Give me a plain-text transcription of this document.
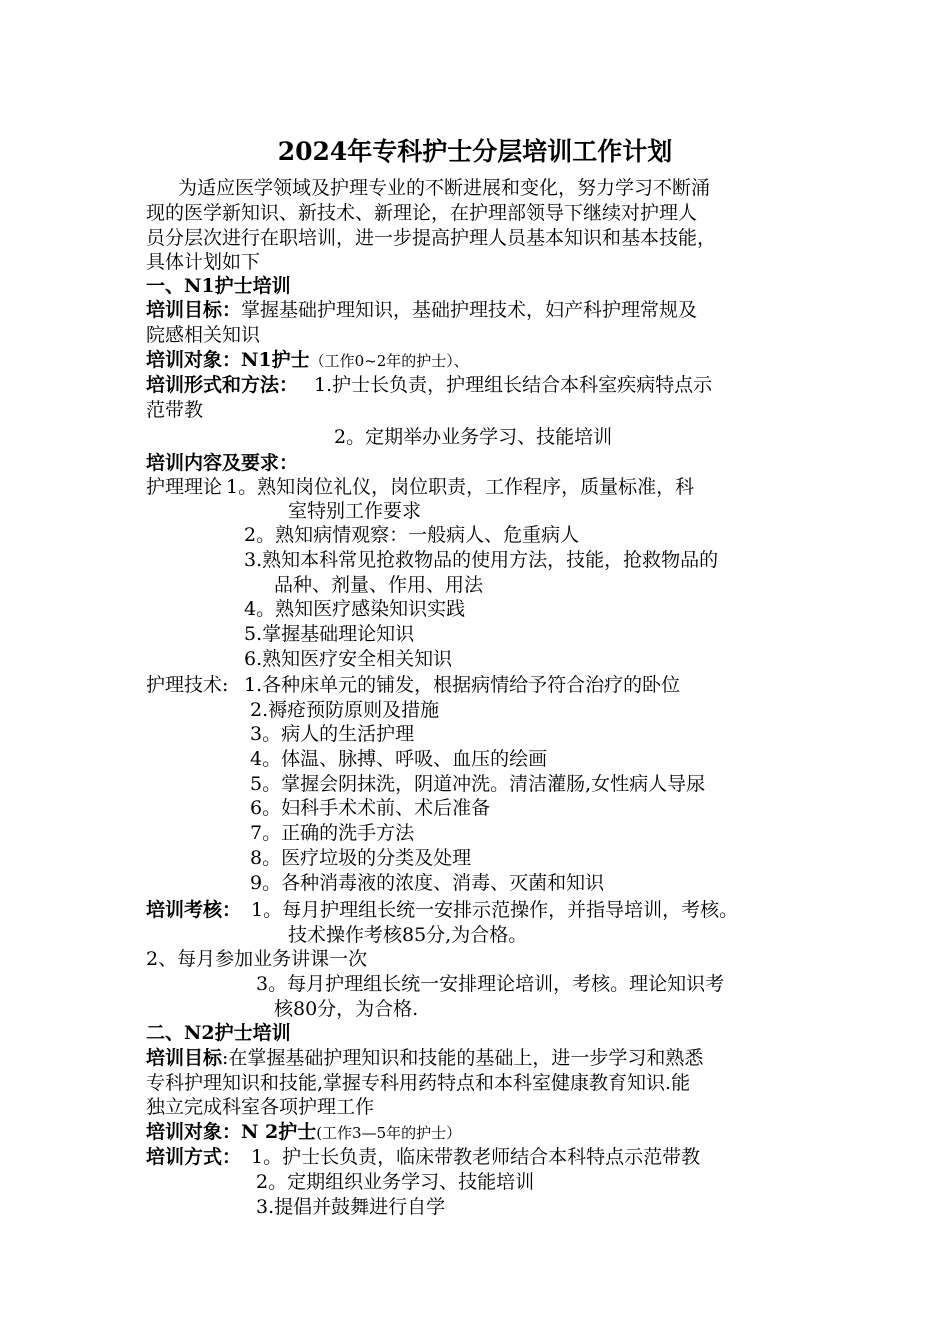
2024年专科护士分层培训工作计划
为适应医学领域及护理专业的不断进展和变化，努力学习不断涌
现的医学新知识、新技术、新理论，在护理部领导下继续对护理人
员分层次进行在职培训，进一步提高护理人员基本知识和基本技能，
具体计划如下
一、N1护士培训
培训目标：掌握基础护理知识，基础护理技术，妇产科护理常规及
院感相关知识
培训对象：N1护士（工作0~2年的护士）、
培训形式和方法： 1.护士长负责，护理组长结合本科室疾病特点示
范带教
2。定期举办业务学习、技能培训
培训内容及要求：
护理理论 1。熟知岗位礼仪，岗位职责，工作程序，质量标准，科
室特别工作要求
2。熟知病情观察：一般病人、危重病人
3.熟知本科常见抢救物品的使用方法，技能，抢救物品的
品种、剂量、作用、用法
4。熟知医疗感染知识实践
5.掌握基础理论知识
6.熟知医疗安全相关知识
护理技术: 1.各种床单元的铺发，根据病情给予符合治疗的卧位
2.褥疮预防原则及措施
3。病人的生活护理
4。体温、脉搏、呼吸、血压的绘画
5。掌握会阴抹洗，阴道冲洗。清洁灌肠,女性病人导尿
6。妇科手术术前、术后准备
7。正确的洗手方法
8。医疗垃圾的分类及处理
9。各种消毒液的浓度、消毒、灭菌和知识
培训考核： 1。每月护理组长统一安排示范操作，并指导培训，考核。
技术操作考核85分,为合格。
2、每月参加业务讲课一次
3。每月护理组长统一安排理论培训，考核。理论知识考
核80分，为合格.
二、N2护士培训
培训目标:在掌握基础护理知识和技能的基础上，进一步学习和熟悉
专科护理知识和技能,掌握专科用药特点和本科室健康教育知识.能
独立完成科室各项护理工作
培训对象：N 2护士(工作3—5年的护士）
培训方式： 1。护士长负责，临床带教老师结合本科特点示范带教
2。定期组织业务学习、技能培训
3.提倡并鼓舞进行自学
